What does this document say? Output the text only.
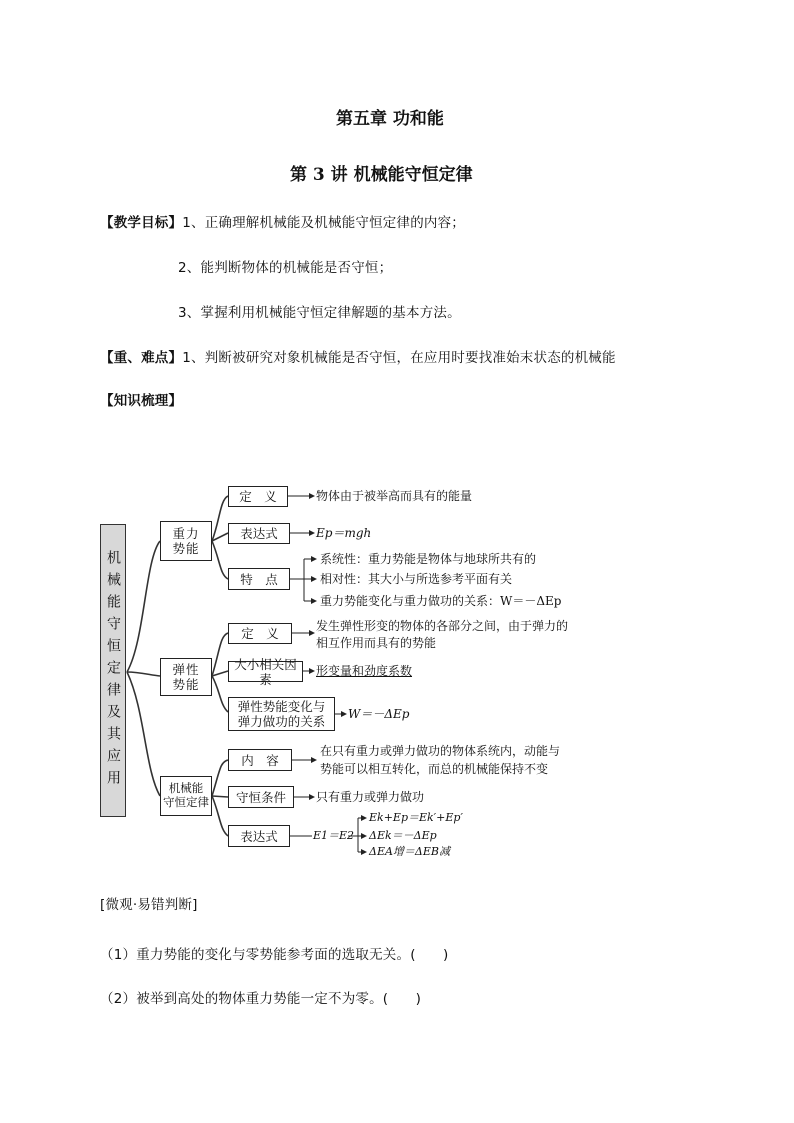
第五章 功和能
第 3 讲 机械能守恒定律
【教学目标】1、正确理解机械能及机械能守恒定律的内容；
2、能判断物体的机械能是否守恒；
3、掌握利用机械能守恒定律解题的基本方法。
【重、难点】1、判断被研究对象机械能是否守恒，在应用时要找准始末状态的机械能
【知识梳理】
机械能守恒定律及其应用
重力势能
定　义	物体由于被举高而具有的能量
表达式	Ep＝mgh
特　点
系统性：重力势能是物体与地球所共有的
相对性：其大小与所选参考平面有关
重力势能变化与重力做功的关系：W＝－ΔEp
弹性势能
定　义	发生弹性形变的物体的各部分之间，由于弹力的
相互作用而具有的势能
大小相关因素
形变量和劲度系数
弹性势能变化与
弹力做功的关系 W＝－ΔEp
机械能
守恒定律
内　容
在只有重力或弹力做功的物体系统内，动能与
势能可以相互转化，而总的机械能保持不变
守恒条件	只有重力或弹力做功
表达式	E1＝E2
Ek+Ep＝Ek′+Ep′
ΔEk＝－ΔEp
ΔEA增＝ΔEB减
[微观·易错判断]
（1）重力势能的变化与零势能参考面的选取无关。(　　)
（2）被举到高处的物体重力势能一定不为零。(　　)
